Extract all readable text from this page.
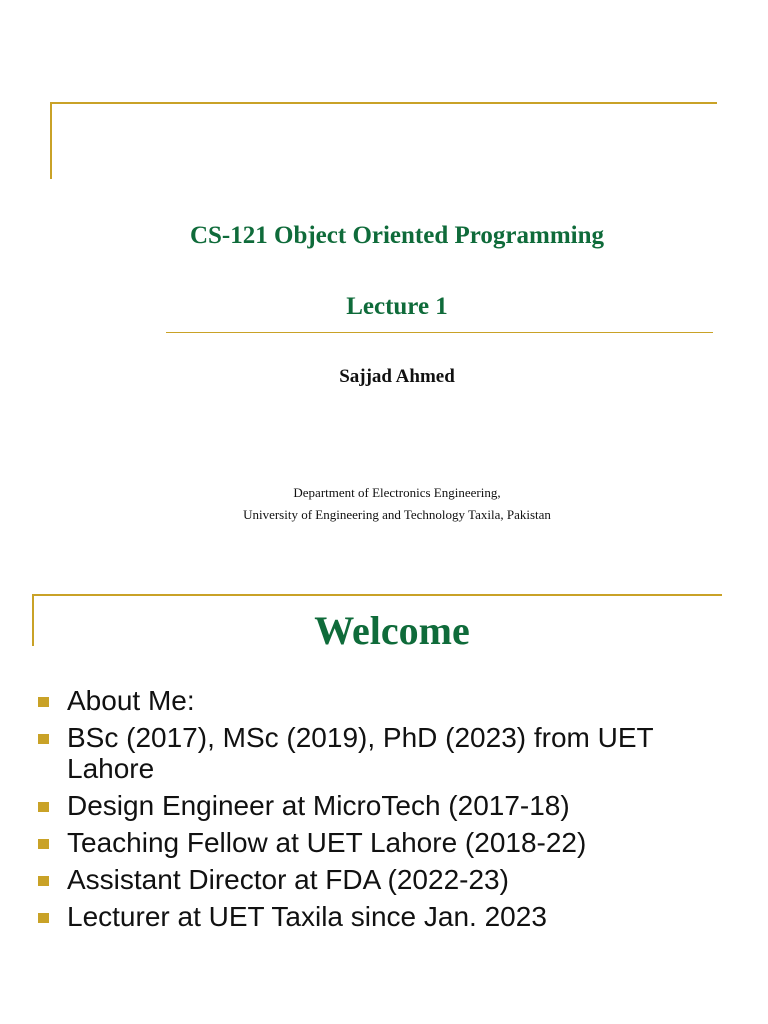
CS-121 Object Oriented Programming
Lecture 1
Sajjad Ahmed
Department of Electronics Engineering,
University of Engineering and Technology Taxila, Pakistan
Welcome
About Me:
BSc (2017), MSc (2019), PhD (2023) from UET Lahore
Design Engineer at MicroTech (2017-18)
Teaching Fellow at UET Lahore (2018-22)
Assistant Director at FDA (2022-23)
Lecturer at UET Taxila since Jan. 2023
